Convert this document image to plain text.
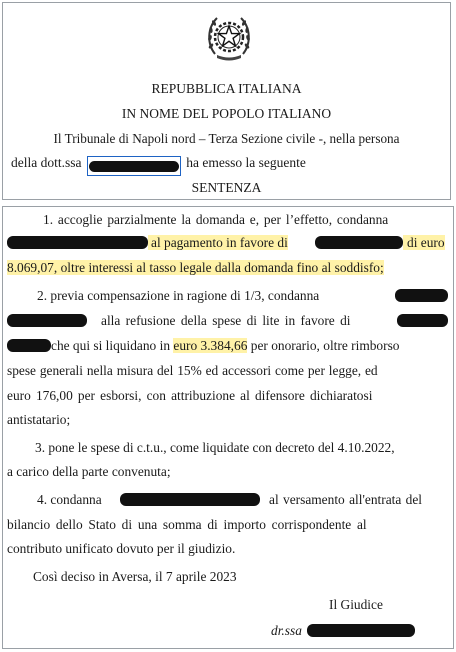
REPUBBLICA ITALIANA
IN NOME DEL POPOLO ITALIANO
Il Tribunale di Napoli nord – Terza Sezione civile -, nella persona
della dott.ssa	ha emesso la seguente
SENTENZA
1. accoglie parzialmente la domanda e, per l’effetto, condanna
al pagamento in favore di	di euro
8.069,07, oltre interessi al tasso legale dalla domanda fino al soddisfo;
2. previa compensazione in ragione di 1/3, condanna
alla refusione della spese di lite in favore di
che qui si liquidano in euro 3.384,66 per onorario, oltre rimborso
spese generali nella misura del 15% ed accessori come per legge, ed
euro 176,00 per esborsi, con attribuzione al difensore dichiaratosi
antistatario;
3. pone le spese di c.t.u., come liquidate con decreto del 4.10.2022,
a carico della parte convenuta;
4. condanna	al versamento all'entrata del
bilancio dello Stato di una somma di importo corrispondente al
contributo unificato dovuto per il giudizio.
Così deciso in Aversa, il 7 aprile 2023
Il Giudice
dr.ssa
